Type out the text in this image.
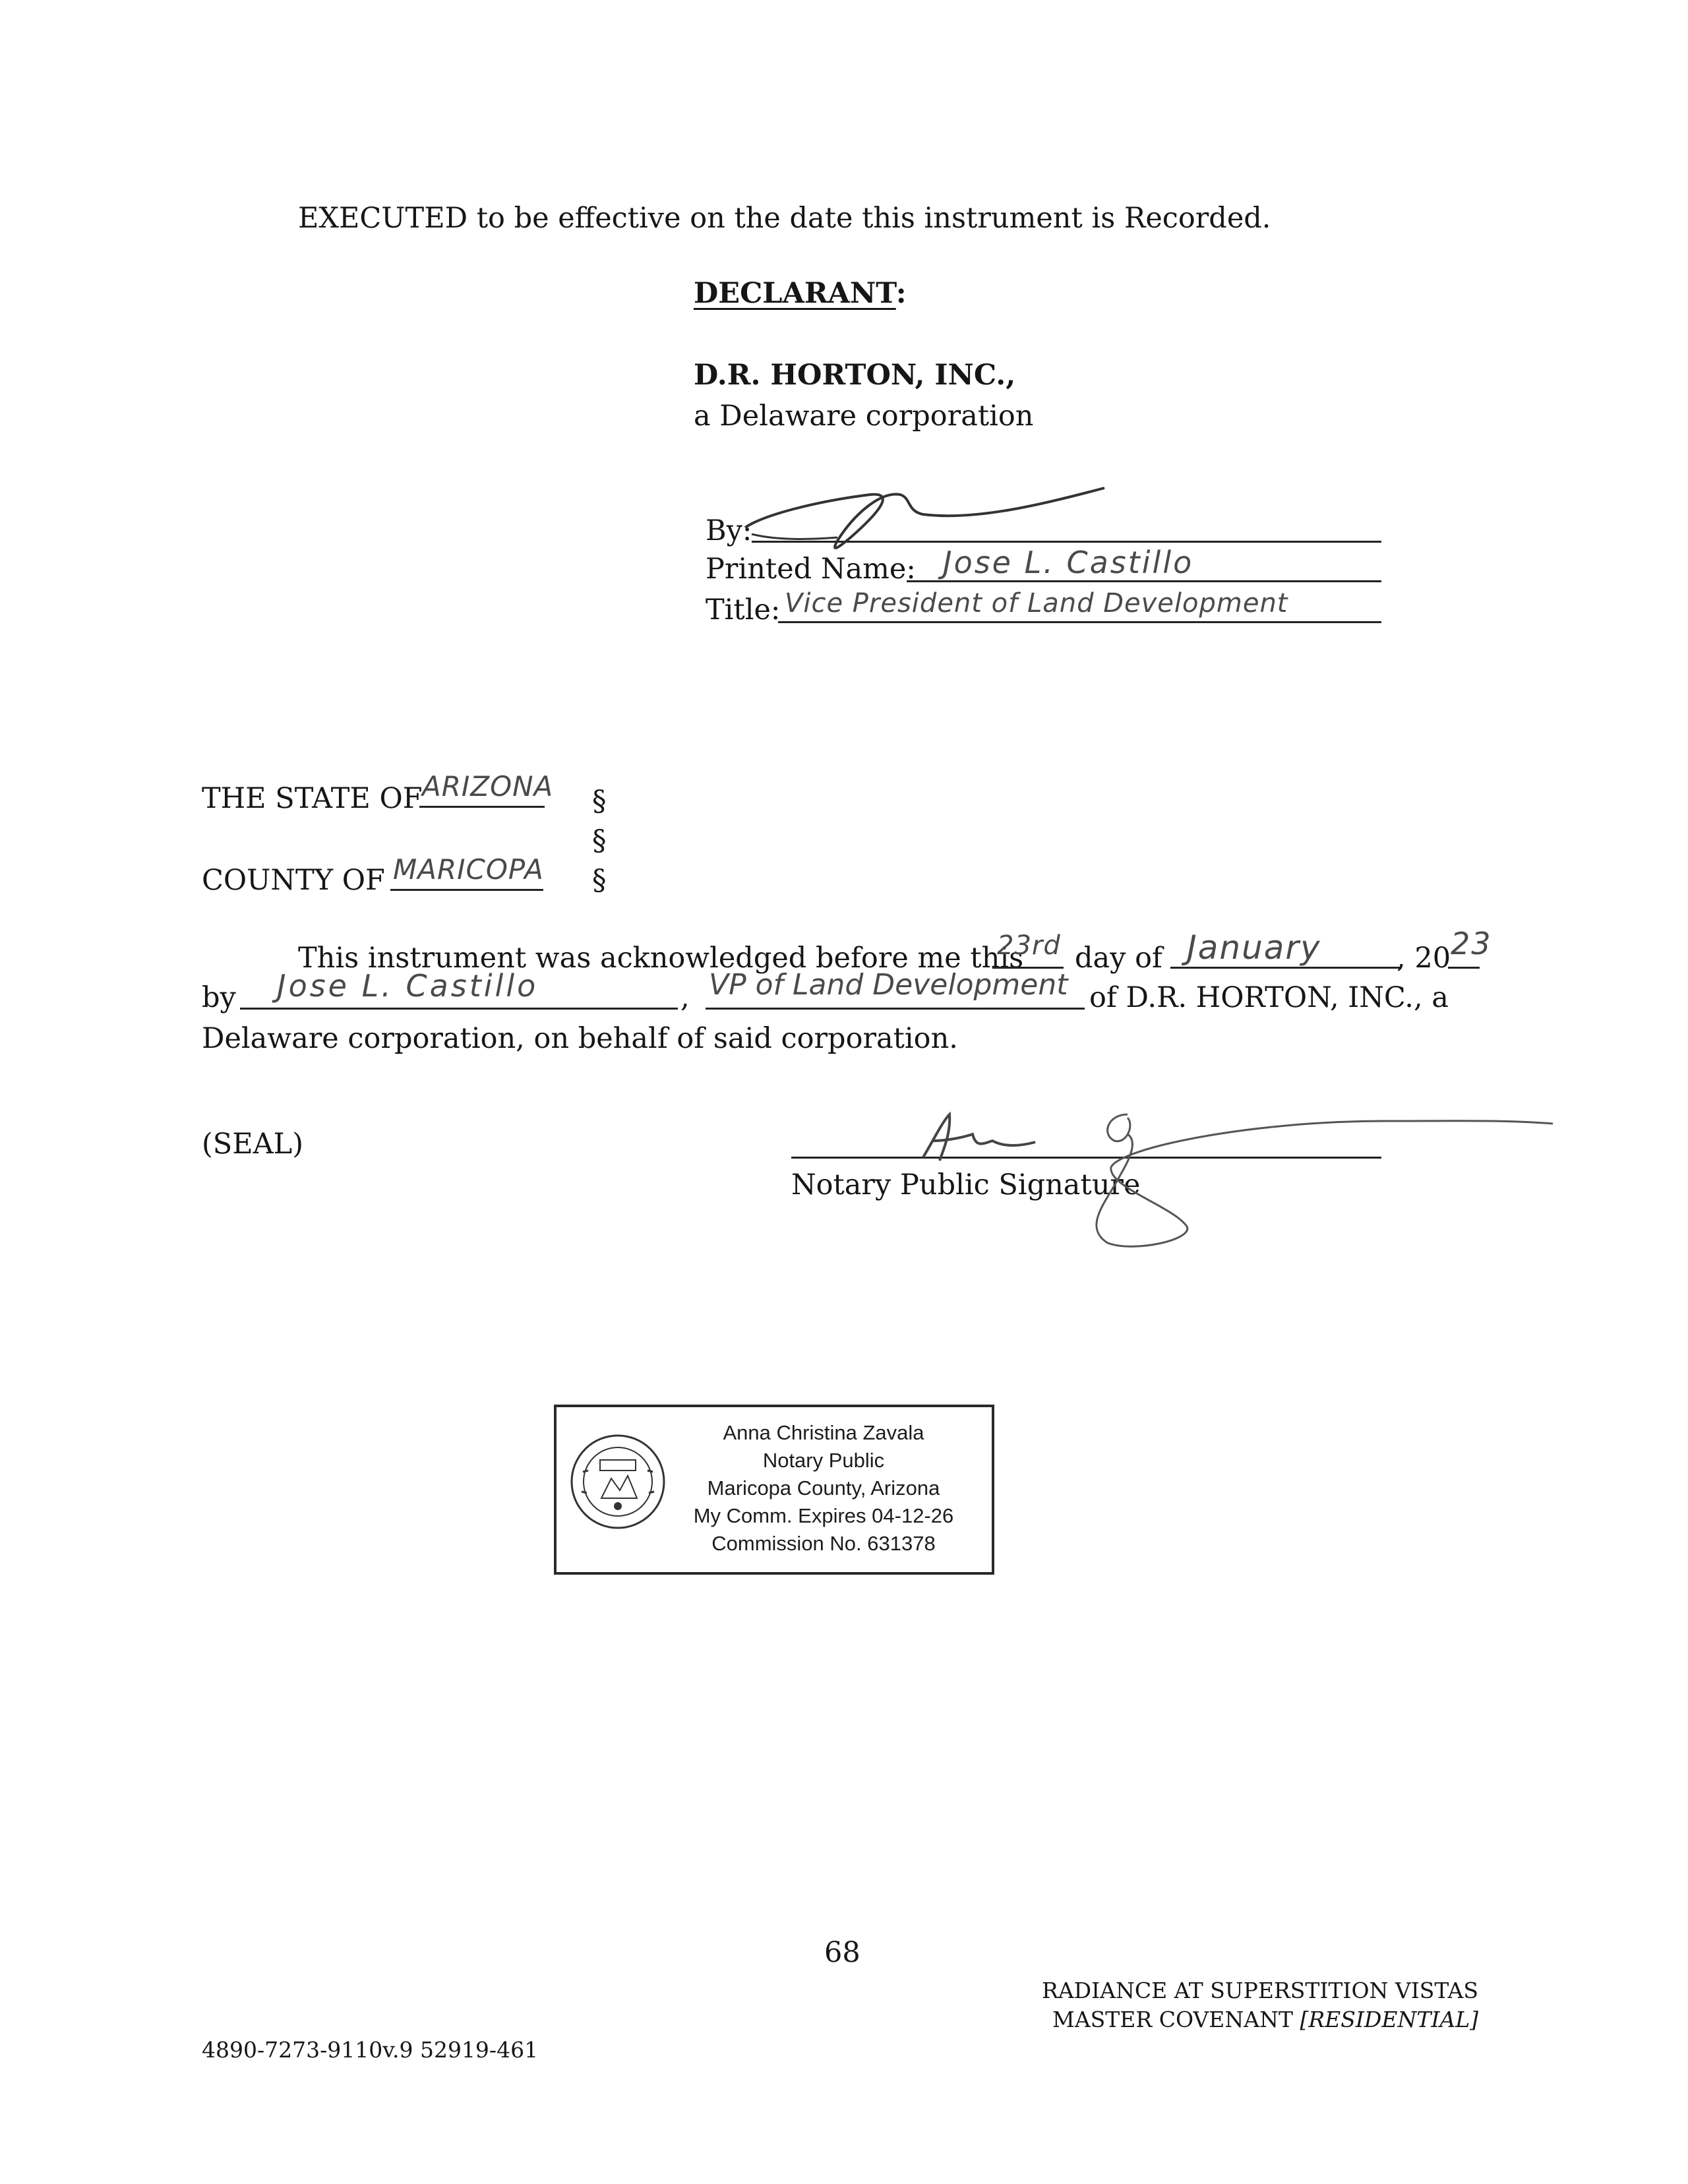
EXECUTED to be effective on the date this instrument is Recorded.
DECLARANT:
D.R. HORTON, INC.,
a Delaware corporation
By:
Printed Name: Jose L. Castillo
Title: Vice President of Land Development
THE STATE OF ARIZONA §
§
COUNTY OF MARICOPA §
This instrument was acknowledged before me this
23rd day of January	, 20 23
by Jose L. Castillo	, VP of Land Development of D.R. HORTON, INC., a
Delaware corporation, on behalf of said corporation.
(SEAL)
Notary Public Signature
Anna Christina Zavala
Notary Public
Maricopa County, Arizona
My Comm. Expires 04-12-26
Commission No. 631378
68
RADIANCE AT SUPERSTITION VISTAS
MASTER COVENANT [RESIDENTIAL]
4890-7273-9110v.9 52919-461
